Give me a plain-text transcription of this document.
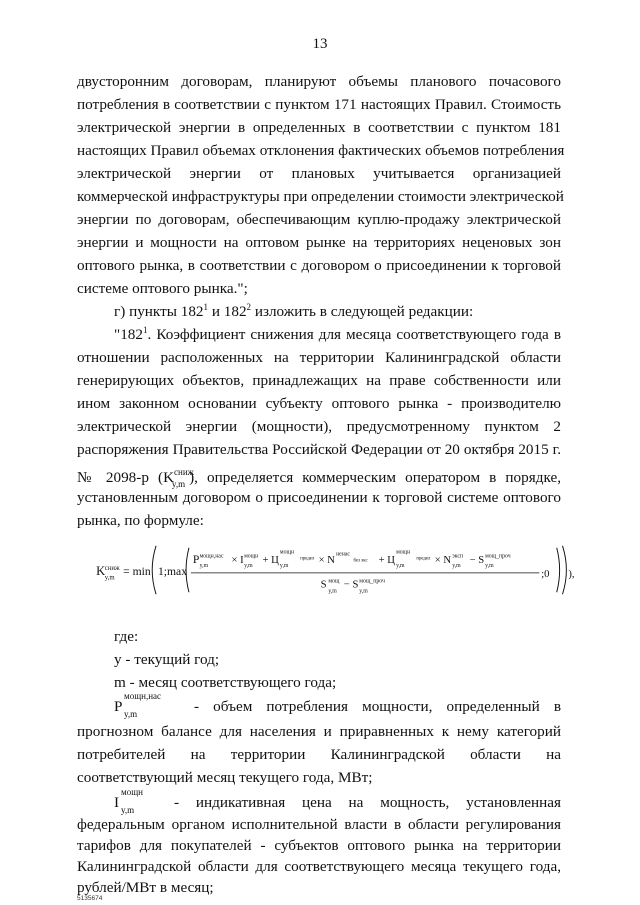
13
двусторонним договорам, планируют объемы планового почасового
потребления в соответствии с пунктом 171 настоящих Правил. Стоимость
электрической энергии в определенных в соответствии с пунктом 181
настоящих Правил объемах отклонения фактических объемов потребления
электрической энергии от плановых учитывается организацией
коммерческой инфраструктуры при определении стоимости электрической
энергии по договорам, обеспечивающим куплю-продажу электрической
энергии и мощности на оптовом рынке на территориях неценовых зон
оптового рынка, в соответствии с договором о присоединении к торговой
системе оптового рынка.";
г) пункты $182^1$ и $182^2$ изложить в следующей редакции:
"$182^1$. Коэффициент снижения для месяца соответствующего года в
отношении расположенных на территории Калининградской области
генерирующих объектов, принадлежащих на праве собственности или
ином законном основании субъекту оптового рынка - производителю
электрической энергии (мощности), предусмотренному пунктом 2
распоряжения Правительства Российской Федерации от 20 октября 2015 г.
№ 2098-р ($K^{сниж}_{y,m}$ ), определяется коммерческим оператором в порядке,
установленным договором о присоединении к торговой системе оптового
рынка, по формуле:
K сниж
y,m
= min 1;max
P мощн,нас
y,m × I мощн
y,m + Ц
мощн
предел
y,m	× N
ненас
без экс + Ц
мощн
предел
y,m	× N эксп
y,m − S мощ_проч
y,m
S мощ
y,m
− S мощ_проч
y,m
;0 ),
где:
y - текущий год;
m - месяц соответствующего года;
P
мощн,нас
y,m	- объем потребления мощности, определенный в
прогнозном балансе для населения и приравненных к нему категорий
потребителей на территории Калининградской области на
соответствующий месяц текущего года, МВт;
I
мощн
y,m	- индикативная цена на мощность, установленная
федеральным органом исполнительной власти в области регулирования
тарифов для покупателей - субъектов оптового рынка на территории
Калининградской области для соответствующего месяца текущего года,
рублей/МВт в месяц;
5135674
